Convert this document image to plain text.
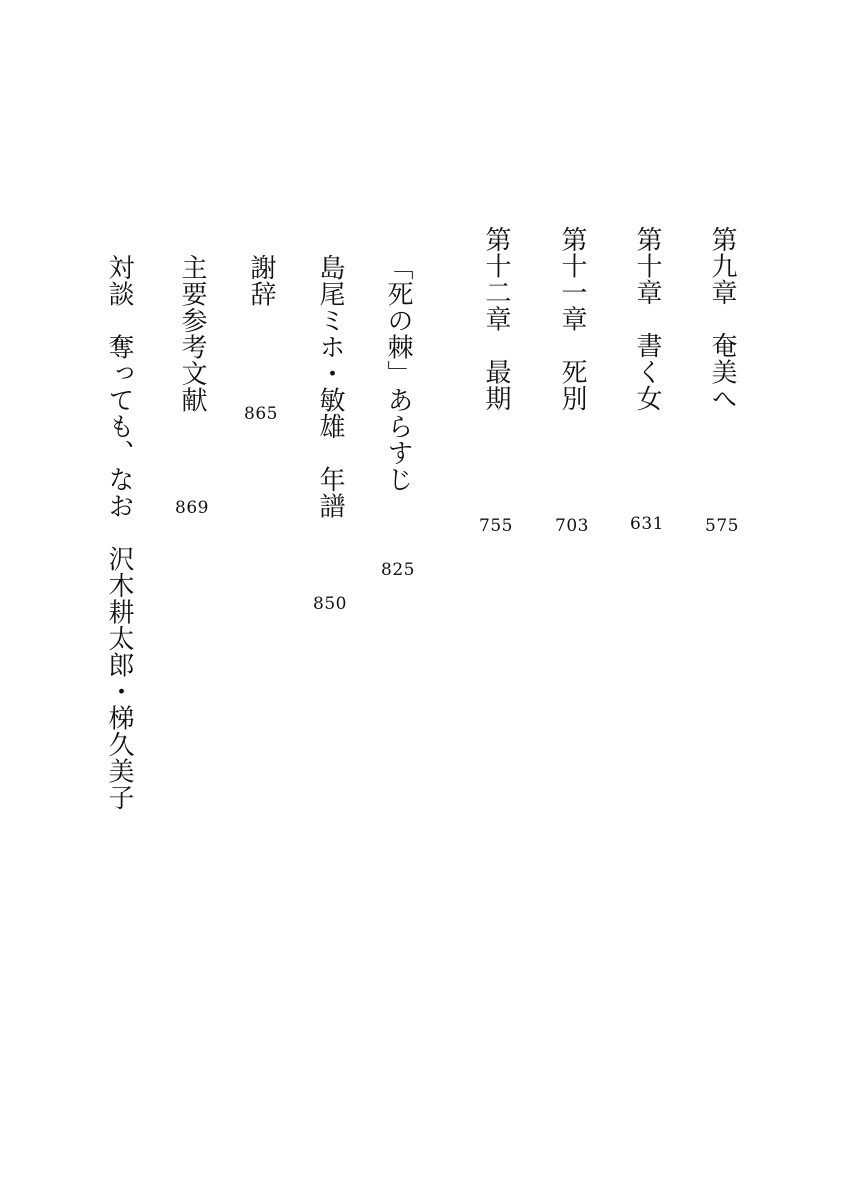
第九章　奄美へ
575
第十章　書く女
631
第十一章　死別
703
第十二章　最期
755
「死の棘」あらすじ
825
島尾ミホ・敏雄　年譜
850
謝辞
865
主要参考文献
869
対談　奪っても、なお　沢木耕太郎・梯久美子
